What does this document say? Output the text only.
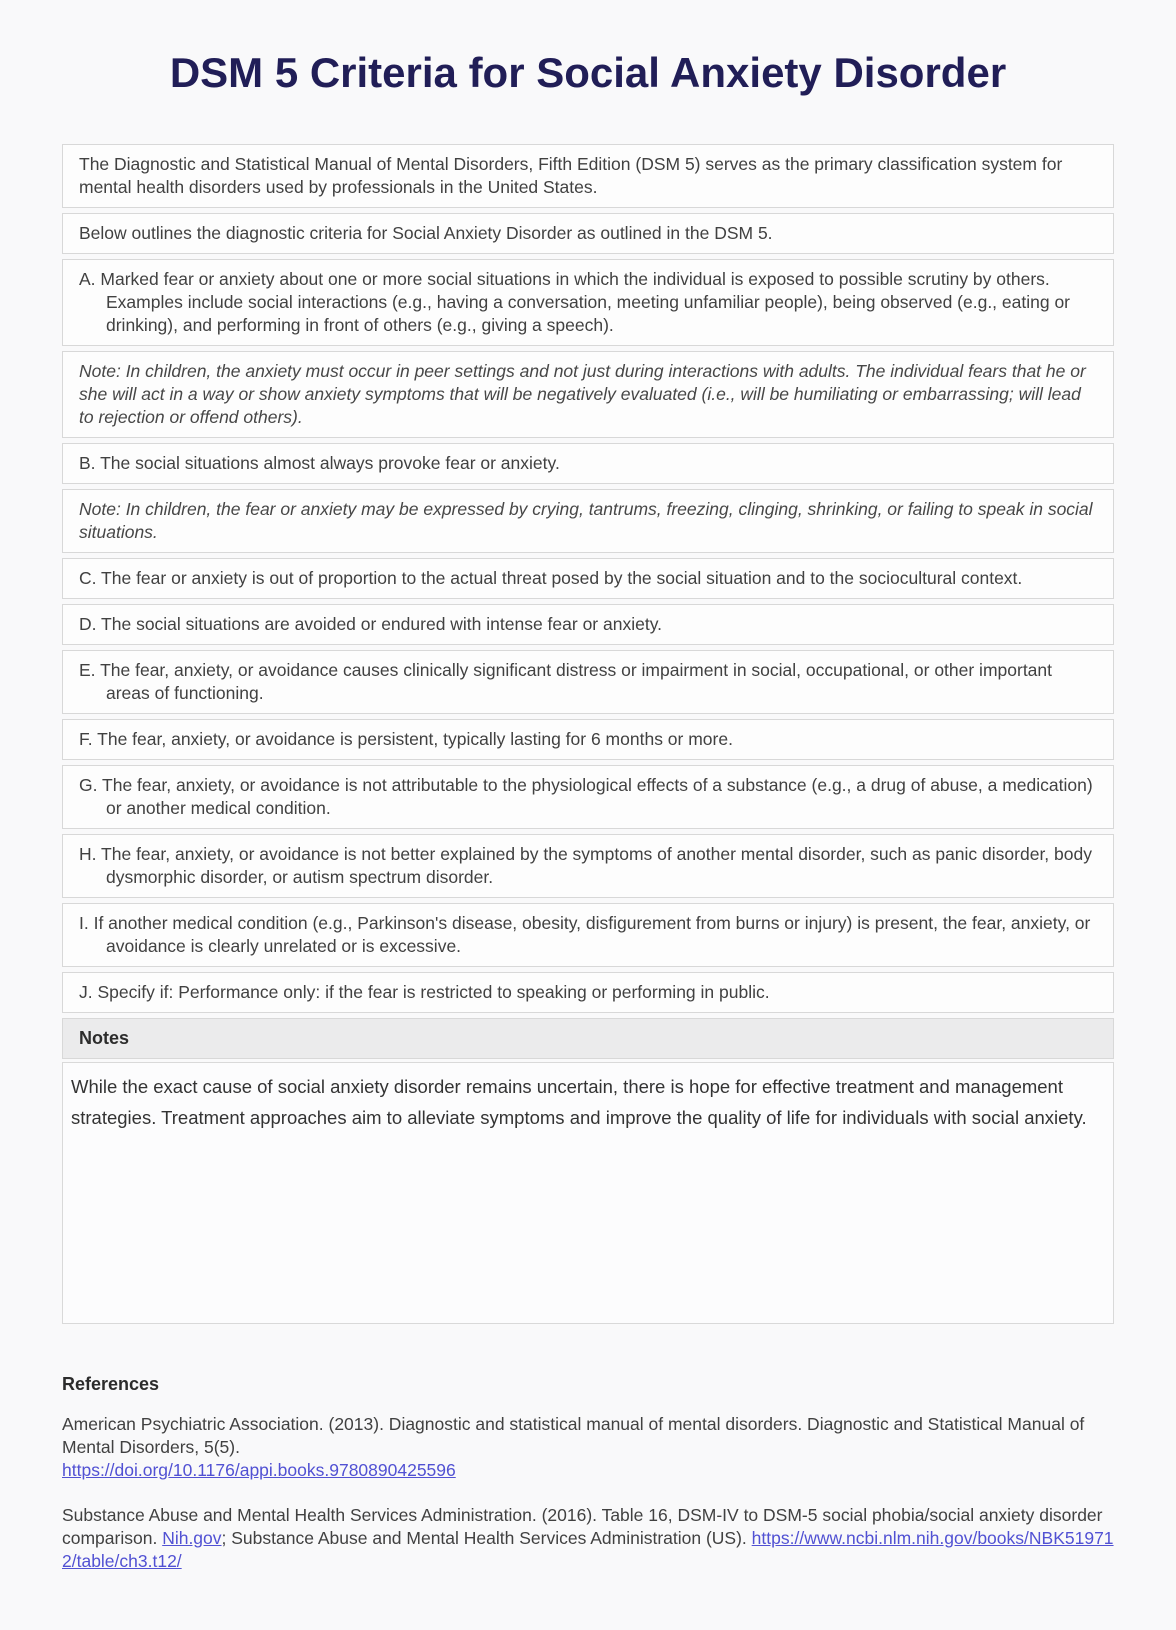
DSM 5 Criteria for Social Anxiety Disorder

The Diagnostic and Statistical Manual of Mental Disorders, Fifth Edition (DSM 5) serves as the primary classification system for mental health disorders used by professionals in the United States.

Below outlines the diagnostic criteria for Social Anxiety Disorder as outlined in the DSM 5.

A. Marked fear or anxiety about one or more social situations in which the individual is exposed to possible scrutiny by others. Examples include social interactions (e.g., having a conversation, meeting unfamiliar people), being observed (e.g., eating or drinking), and performing in front of others (e.g., giving a speech).

Note: In children, the anxiety must occur in peer settings and not just during interactions with adults. The individual fears that he or she will act in a way or show anxiety symptoms that will be negatively evaluated (i.e., will be humiliating or embarrassing; will lead to rejection or offend others).

B. The social situations almost always provoke fear or anxiety.

Note: In children, the fear or anxiety may be expressed by crying, tantrums, freezing, clinging, shrinking, or failing to speak in social situations.

C. The fear or anxiety is out of proportion to the actual threat posed by the social situation and to the sociocultural context.

D. The social situations are avoided or endured with intense fear or anxiety.

E. The fear, anxiety, or avoidance causes clinically significant distress or impairment in social, occupational, or other important areas of functioning.

F. The fear, anxiety, or avoidance is persistent, typically lasting for 6 months or more.

G. The fear, anxiety, or avoidance is not attributable to the physiological effects of a substance (e.g., a drug of abuse, a medication) or another medical condition.

H. The fear, anxiety, or avoidance is not better explained by the symptoms of another mental disorder, such as panic disorder, body dysmorphic disorder, or autism spectrum disorder.

I. If another medical condition (e.g., Parkinson's disease, obesity, disfigurement from burns or injury) is present, the fear, anxiety, or avoidance is clearly unrelated or is excessive.

J. Specify if: Performance only: if the fear is restricted to speaking or performing in public.

Notes
While the exact cause of social anxiety disorder remains uncertain, there is hope for effective treatment and management strategies. Treatment approaches aim to alleviate symptoms and improve the quality of life for individuals with social anxiety.
References

American Psychiatric Association. (2013). Diagnostic and statistical manual of mental disorders. Diagnostic and Statistical Manual of Mental Disorders, 5(5).
https://doi.org/10.1176/appi.books.9780890425596

Substance Abuse and Mental Health Services Administration. (2016). Table 16, DSM-IV to DSM-5 social phobia/social anxiety disorder comparison. Nih.gov; Substance Abuse and Mental Health Services Administration (US). https://www.ncbi.nlm.nih.gov/books/NBK519712/table/ch3.t12/
